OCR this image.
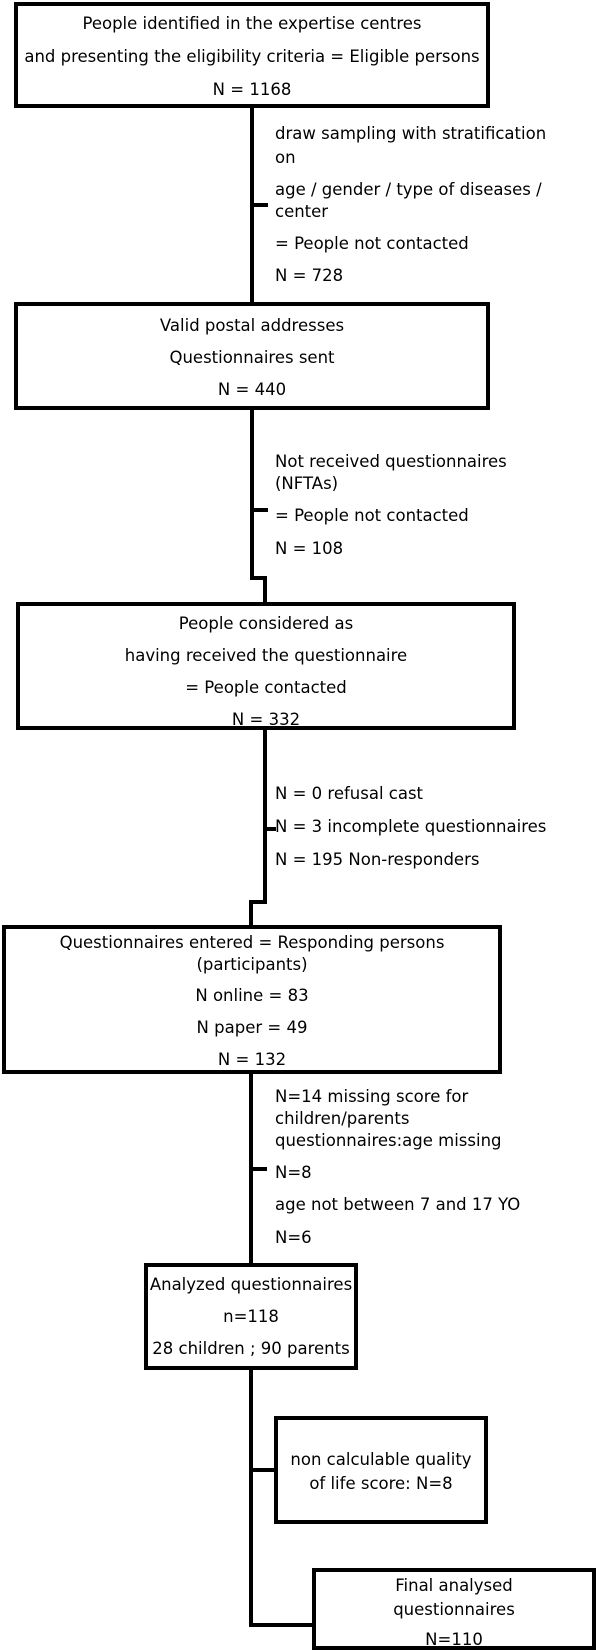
People identified in the expertise centres
and presenting the eligibility criteria = Eligible persons
N = 1168
draw sampling with stratification
on
age / gender / type of diseases /
center
= People not contacted
N = 728
Valid postal addresses
Questionnaires sent
N = 440
Not received questionnaires
(NFTAs)
= People not contacted
N = 108
People considered as
having received the questionnaire
= People contacted
N = 332
N = 0 refusal cast
N = 3 incomplete questionnaires
N = 195 Non-responders
Questionnaires entered = Responding persons
(participants)
N online = 83
N paper = 49
N = 132
N=14 missing score for
children/parents
questionnaires:age missing
N=8
age not between 7 and 17 YO
N=6
Analyzed questionnaires
n=118
28 children ; 90 parents
non calculable quality
of life score: N=8
Final analysed
questionnaires
N=110
